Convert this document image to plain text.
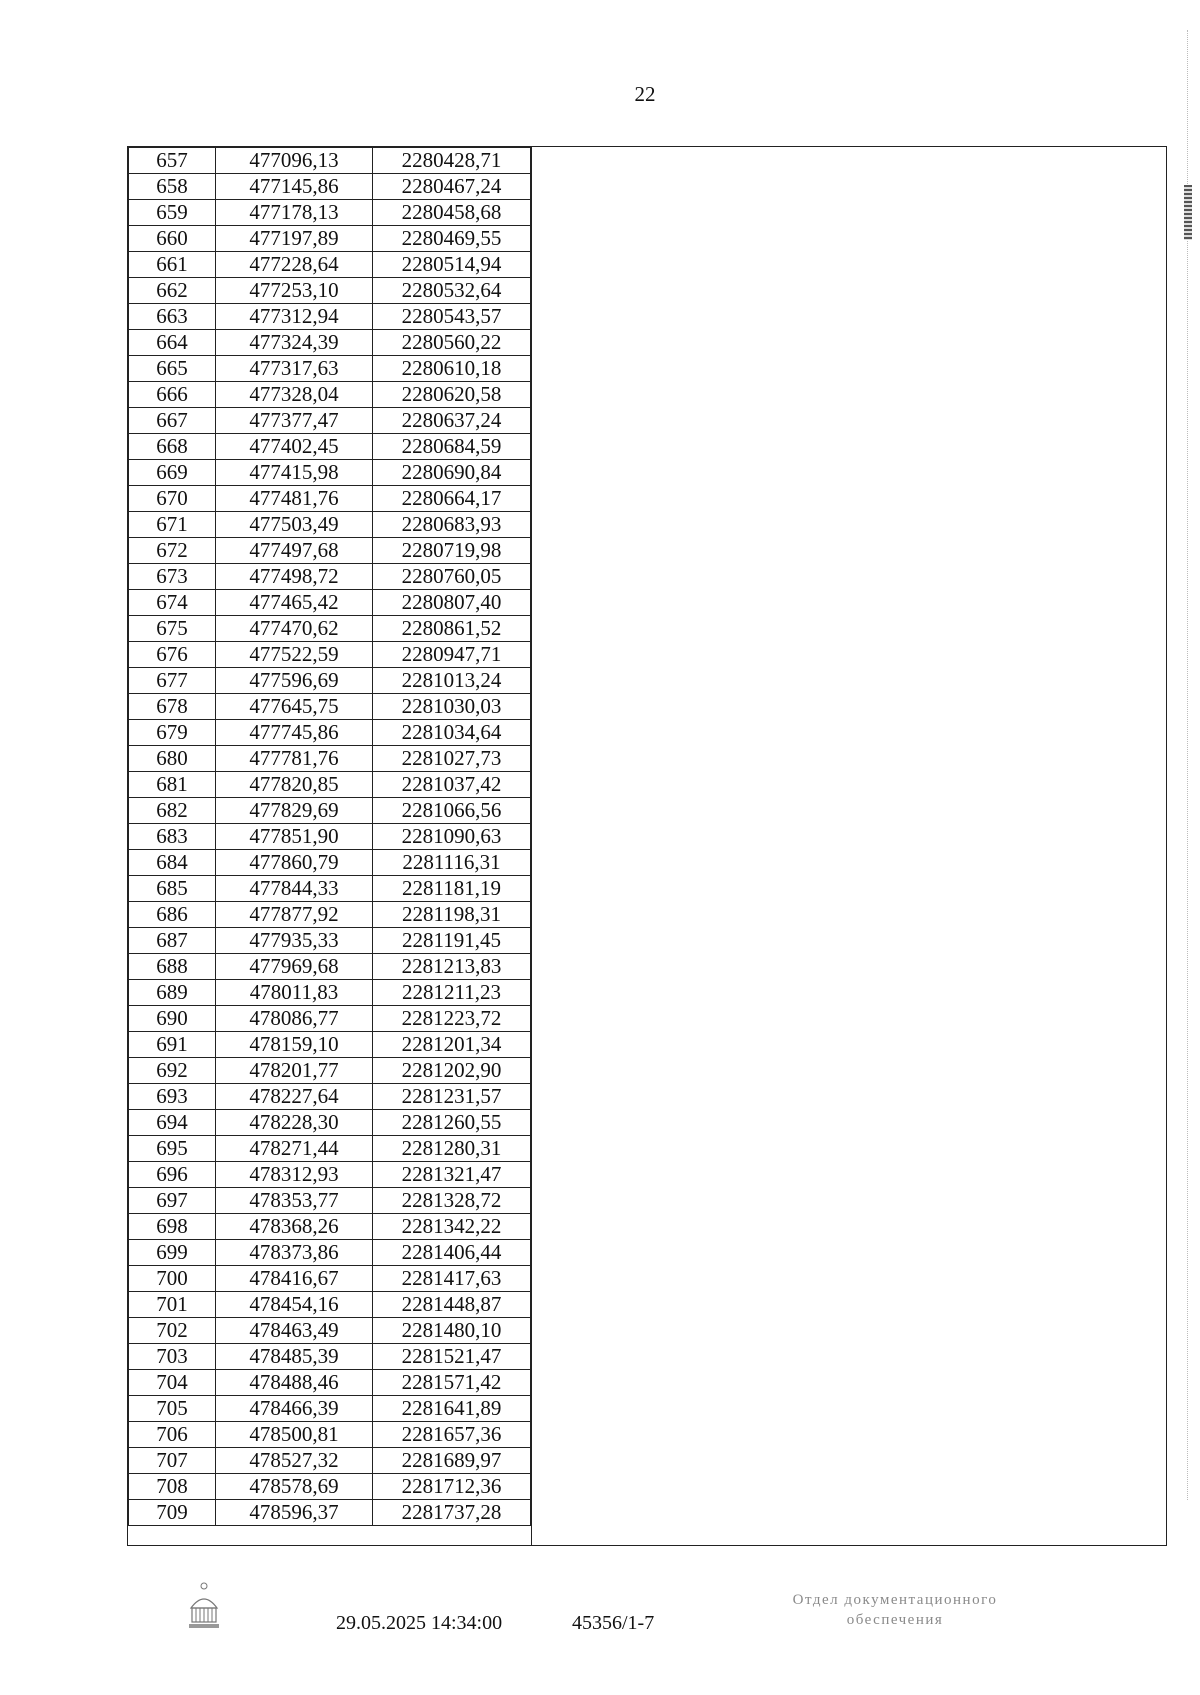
22
657	477096,13	2280428,71
658	477145,86	2280467,24
659	477178,13	2280458,68
660	477197,89	2280469,55
661	477228,64	2280514,94
662	477253,10	2280532,64
663	477312,94	2280543,57
664	477324,39	2280560,22
665	477317,63	2280610,18
666	477328,04	2280620,58
667	477377,47	2280637,24
668	477402,45	2280684,59
669	477415,98	2280690,84
670	477481,76	2280664,17
671	477503,49	2280683,93
672	477497,68	2280719,98
673	477498,72	2280760,05
674	477465,42	2280807,40
675	477470,62	2280861,52
676	477522,59	2280947,71
677	477596,69	2281013,24
678	477645,75	2281030,03
679	477745,86	2281034,64
680	477781,76	2281027,73
681	477820,85	2281037,42
682	477829,69	2281066,56
683	477851,90	2281090,63
684	477860,79	2281116,31
685	477844,33	2281181,19
686	477877,92	2281198,31
687	477935,33	2281191,45
688	477969,68	2281213,83
689	478011,83	2281211,23
690	478086,77	2281223,72
691	478159,10	2281201,34
692	478201,77	2281202,90
693	478227,64	2281231,57
694	478228,30	2281260,55
695	478271,44	2281280,31
696	478312,93	2281321,47
697	478353,77	2281328,72
698	478368,26	2281342,22
699	478373,86	2281406,44
700	478416,67	2281417,63
701	478454,16	2281448,87
702	478463,49	2281480,10
703	478485,39	2281521,47
704	478488,46	2281571,42
705	478466,39	2281641,89
706	478500,81	2281657,36
707	478527,32	2281689,97
708	478578,69	2281712,36
709	478596,37	2281737,28
29.05.2025 14:34:00	45356/1-7
Отдел документационного
обеспечения
